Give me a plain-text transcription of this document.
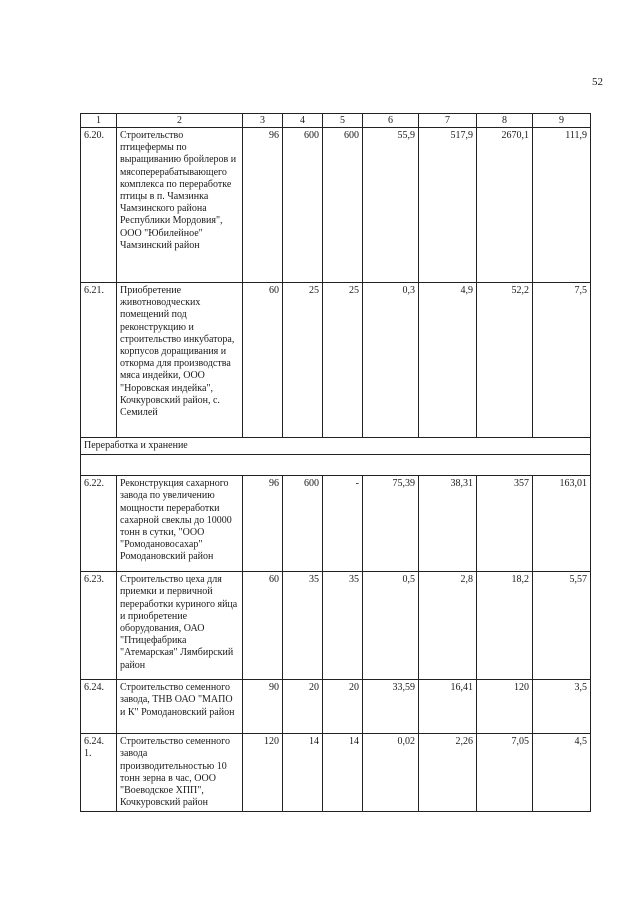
52
1	2	3	4	5	6	7	8	9
6.20.	Строительство птицефермы по выращиванию бройлеров и мясоперерабатывающего комплекса по переработке птицы в п. Чамзинка Чамзинского района Республики Мордовия", ООО "Юбилейное" Чамзинский район	96	600	600	55,9	517,9	2670,1	111,9
6.21.	Приобретение животноводческих помещений под реконструкцию и строительство инкубатора, корпусов доращивания и откорма для производства мяса индейки, ООО "Норовская индейка", Кочкуровский район, с. Семилей	60	25	25	0,3	4,9	52,2	7,5
Переработка и хранение								

6.22.	Реконструкция сахарного завода по увеличению мощности переработки сахарной свеклы до 10000 тонн в сутки, "ООО "Ромодановосахар" Ромодановский район	96	600	-	75,39	38,31	357	163,01
6.23.	Строительство цеха для приемки и первичной переработки куриного яйца и приобретение оборудования, ОАО "Птицефабрика "Атемарская" Лямбирский район	60	35	35	0,5	2,8	18,2	5,57
6.24.	Строительство семенного завода, ТНВ ОАО "МАПО и К" Ромодановский район	90	20	20	33,59	16,41	120	3,5
6.24. 1.	Строительство семенного завода производительностью 10 тонн зерна в час, ООО "Воеводское ХПП", Кочкуровский район	120	14	14	0,02	2,26	7,05	4,5
